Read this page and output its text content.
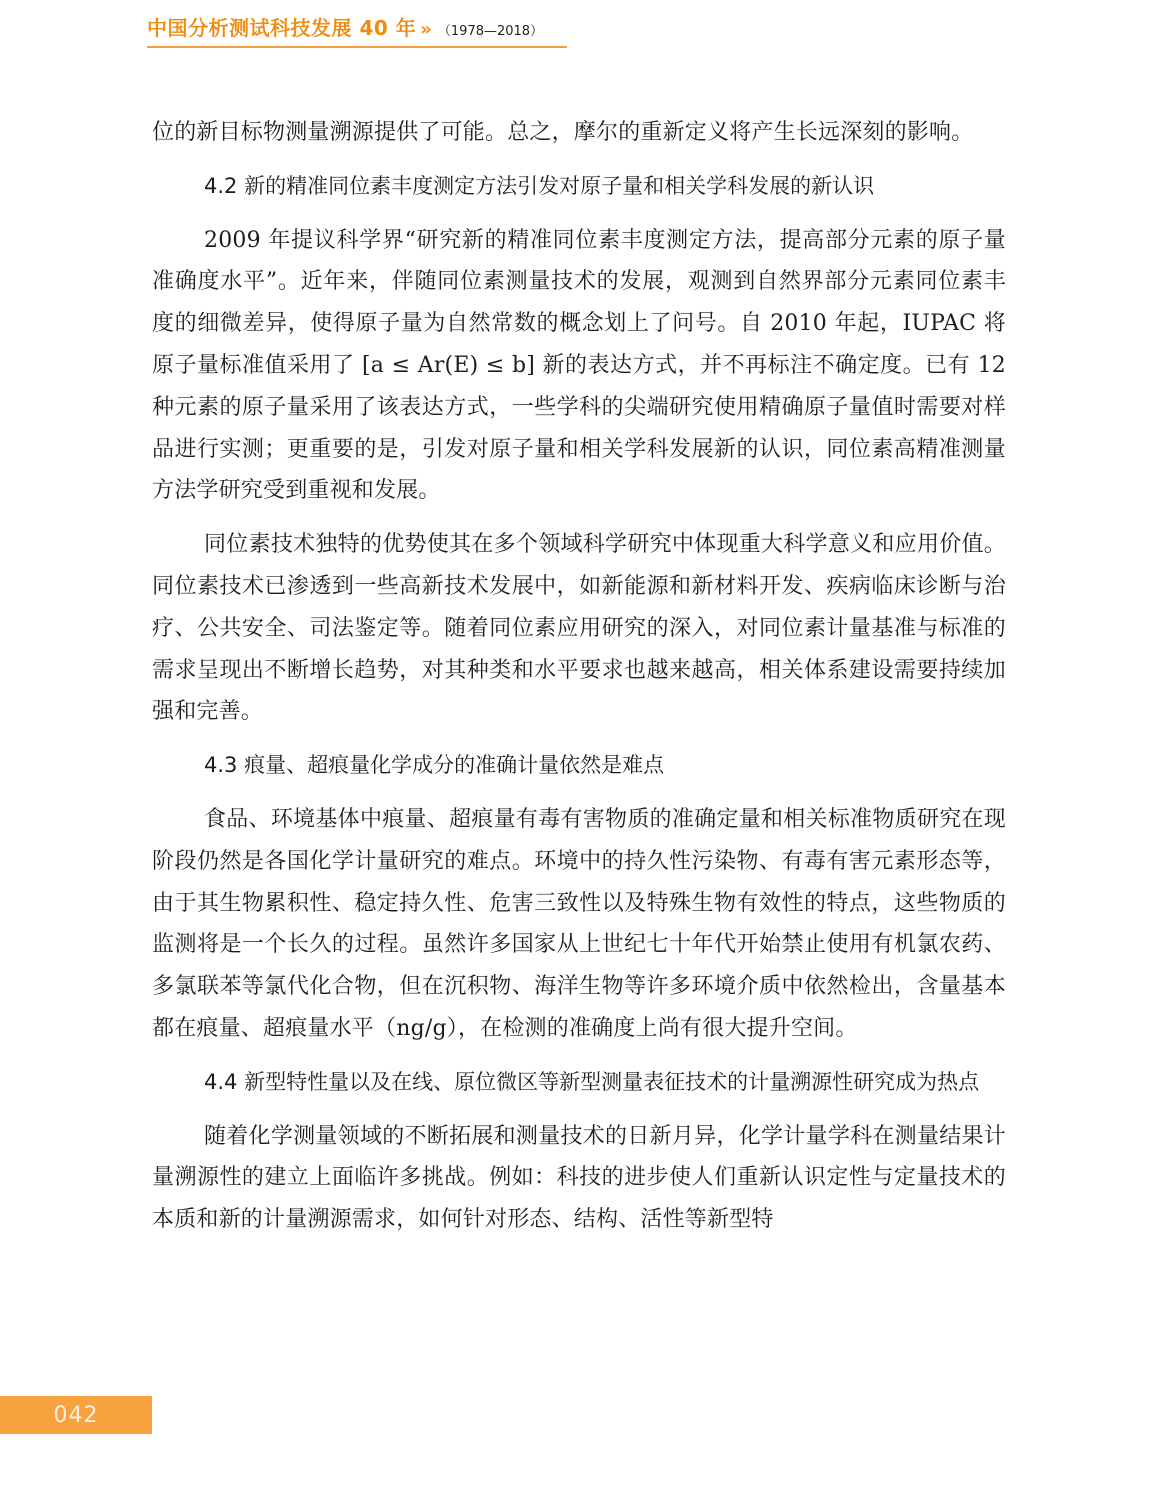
中国分析测试科技发展 40 年 » （1978—2018）

位的新目标物测量溯源提供了可能。总之，摩尔的重新定义将产生长远深刻的影响。

4.2 新的精准同位素丰度测定方法引发对原子量和相关学科发展的新认识

2009 年提议科学界“研究新的精准同位素丰度测定方法，提高部分元素的原子量准确度水平”。近年来，伴随同位素测量技术的发展，观测到自然界部分元素同位素丰度的细微差异，使得原子量为自然常数的概念划上了问号。自 2010 年起，IUPAC 将原子量标准值采用了 [a ≤ Ar(E) ≤ b] 新的表达方式，并不再标注不确定度。已有 12 种元素的原子量采用了该表达方式，一些学科的尖端研究使用精确原子量值时需要对样品进行实测；更重要的是，引发对原子量和相关学科发展新的认识，同位素高精准测量方法学研究受到重视和发展。

同位素技术独特的优势使其在多个领域科学研究中体现重大科学意义和应用价值。同位素技术已渗透到一些高新技术发展中，如新能源和新材料开发、疾病临床诊断与治疗、公共安全、司法鉴定等。随着同位素应用研究的深入，对同位素计量基准与标准的需求呈现出不断增长趋势，对其种类和水平要求也越来越高，相关体系建设需要持续加强和完善。

4.3 痕量、超痕量化学成分的准确计量依然是难点

食品、环境基体中痕量、超痕量有毒有害物质的准确定量和相关标准物质研究在现阶段仍然是各国化学计量研究的难点。环境中的持久性污染物、有毒有害元素形态等，由于其生物累积性、稳定持久性、危害三致性以及特殊生物有效性的特点，这些物质的监测将是一个长久的过程。虽然许多国家从上世纪七十年代开始禁止使用有机氯农药、多氯联苯等氯代化合物，但在沉积物、海洋生物等许多环境介质中依然检出，含量基本都在痕量、超痕量水平（ng/g），在检测的准确度上尚有很大提升空间。

4.4 新型特性量以及在线、原位微区等新型测量表征技术的计量溯源性研究成为热点

随着化学测量领域的不断拓展和测量技术的日新月异，化学计量学科在测量结果计量溯源性的建立上面临许多挑战。例如：科技的进步使人们重新认识定性与定量技术的本质和新的计量溯源需求，如何针对形态、结构、活性等新型特

042
